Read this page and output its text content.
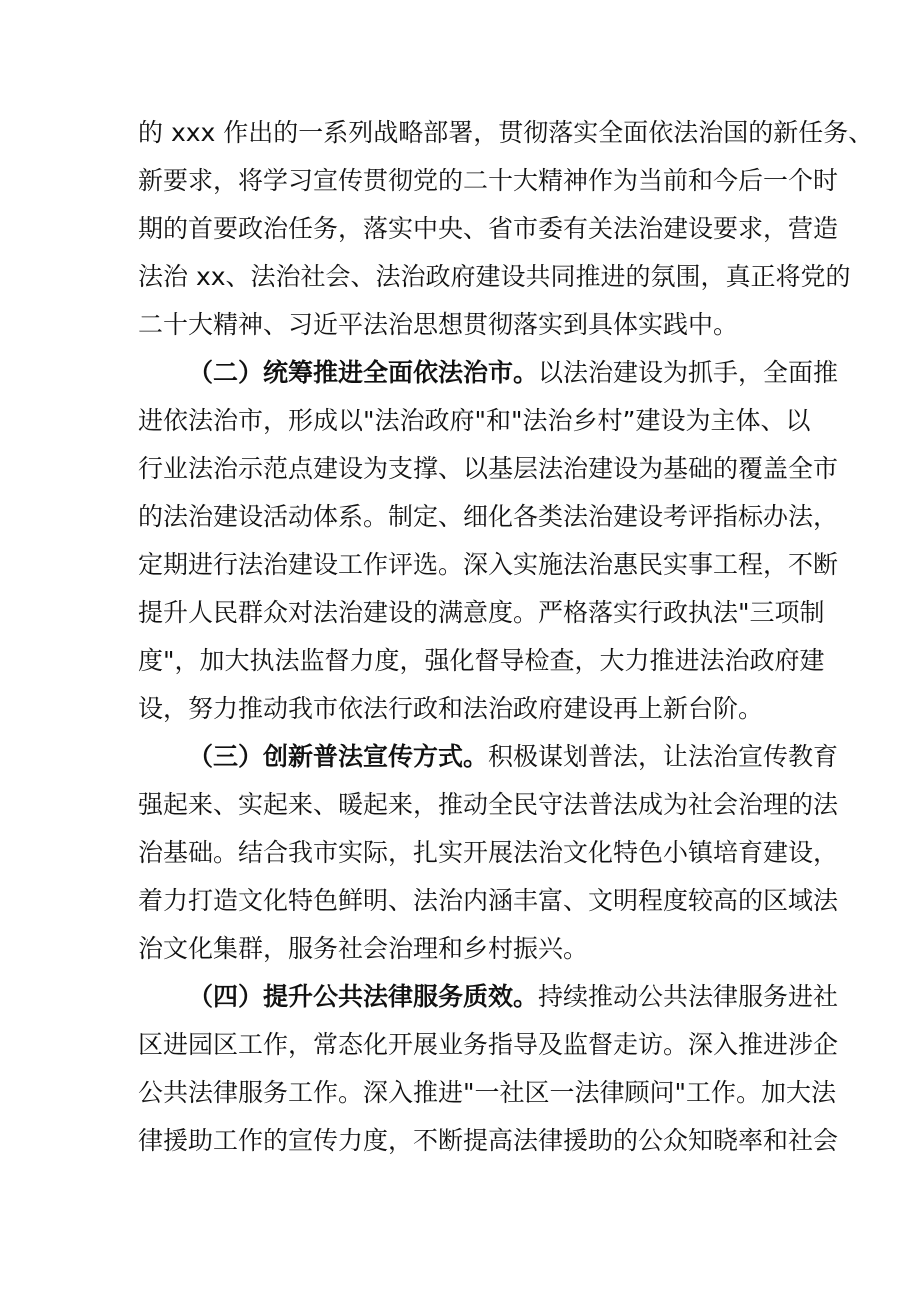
的 xxx 作出的一系列战略部署，贯彻落实全面依法治国的新任务、
新要求，将学习宣传贯彻党的二十大精神作为当前和今后一个时
期的首要政治任务，落实中央、省市委有关法治建设要求，营造
法治 xx、法治社会、法治政府建设共同推进的氛围，真正将党的
二十大精神、习近平法治思想贯彻落实到具体实践中。
（二）统筹推进全面依法治市。以法治建设为抓手，全面推
进依法治市，形成以"法治政府"和"法治乡村”建设为主体、以
行业法治示范点建设为支撑、以基层法治建设为基础的覆盖全市
的法治建设活动体系。制定、细化各类法治建设考评指标办法，
定期进行法治建设工作评选。深入实施法治惠民实事工程，不断
提升人民群众对法治建设的满意度。严格落实行政执法"三项制
度"，加大执法监督力度，强化督导检查，大力推进法治政府建
设，努力推动我市依法行政和法治政府建设再上新台阶。
（三）创新普法宣传方式。积极谋划普法，让法治宣传教育
强起来、实起来、暖起来，推动全民守法普法成为社会治理的法
治基础。结合我市实际，扎实开展法治文化特色小镇培育建设，
着力打造文化特色鲜明、法治内涵丰富、文明程度较高的区域法
治文化集群，服务社会治理和乡村振兴。
（四）提升公共法律服务质效。持续推动公共法律服务进社
区进园区工作，常态化开展业务指导及监督走访。深入推进涉企
公共法律服务工作。深入推进"一社区一法律顾问"工作。加大法
律援助工作的宣传力度，不断提高法律援助的公众知晓率和社会
